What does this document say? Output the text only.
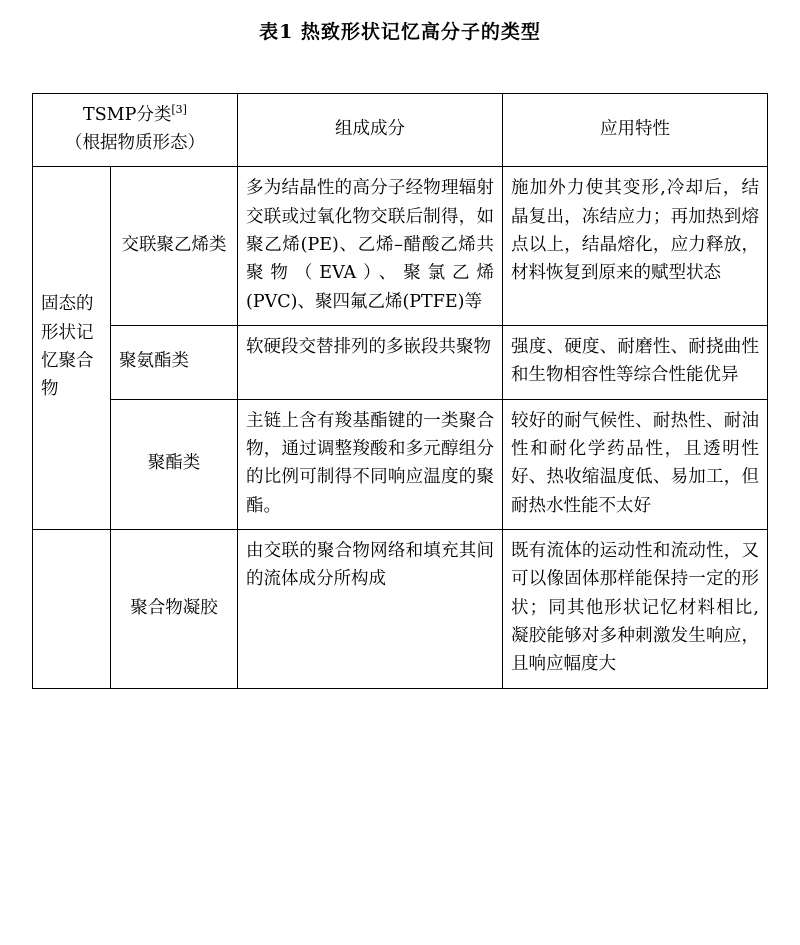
表1 热致形状记忆高分子的类型
TSMP分类[3]
（根据物质形态）		组成成分	应用特性
固态的形状记忆聚合物	交联聚乙烯类	多为结晶性的高分子经物理辐射交联或过氧化物交联后制得，如聚乙烯(PE)、乙烯–醋酸乙烯共聚物（EVA）、聚氯乙烯(PVC)、聚四氟乙烯(PTFE)等	施加外力使其变形,冷却后，结晶复出，冻结应力；再加热到熔点以上，结晶熔化，应力释放，材料恢复到原来的赋型状态
	聚氨酯类	软硬段交替排列的多嵌段共聚物	强度、硬度、耐磨性、耐挠曲性和生物相容性等综合性能优异
	聚酯类	主链上含有羧基酯键的一类聚合物，通过调整羧酸和多元醇组分的比例可制得不同响应温度的聚酯。	较好的耐气候性、耐热性、耐油性和耐化学药品性，且透明性好、热收缩温度低、易加工，但耐热水性能不太好
	聚合物凝胶	由交联的聚合物网络和填充其间的流体成分所构成	既有流体的运动性和流动性，又可以像固体那样能保持一定的形状；同其他形状记忆材料相比,凝胶能够对多种刺激发生响应，且响应幅度大
